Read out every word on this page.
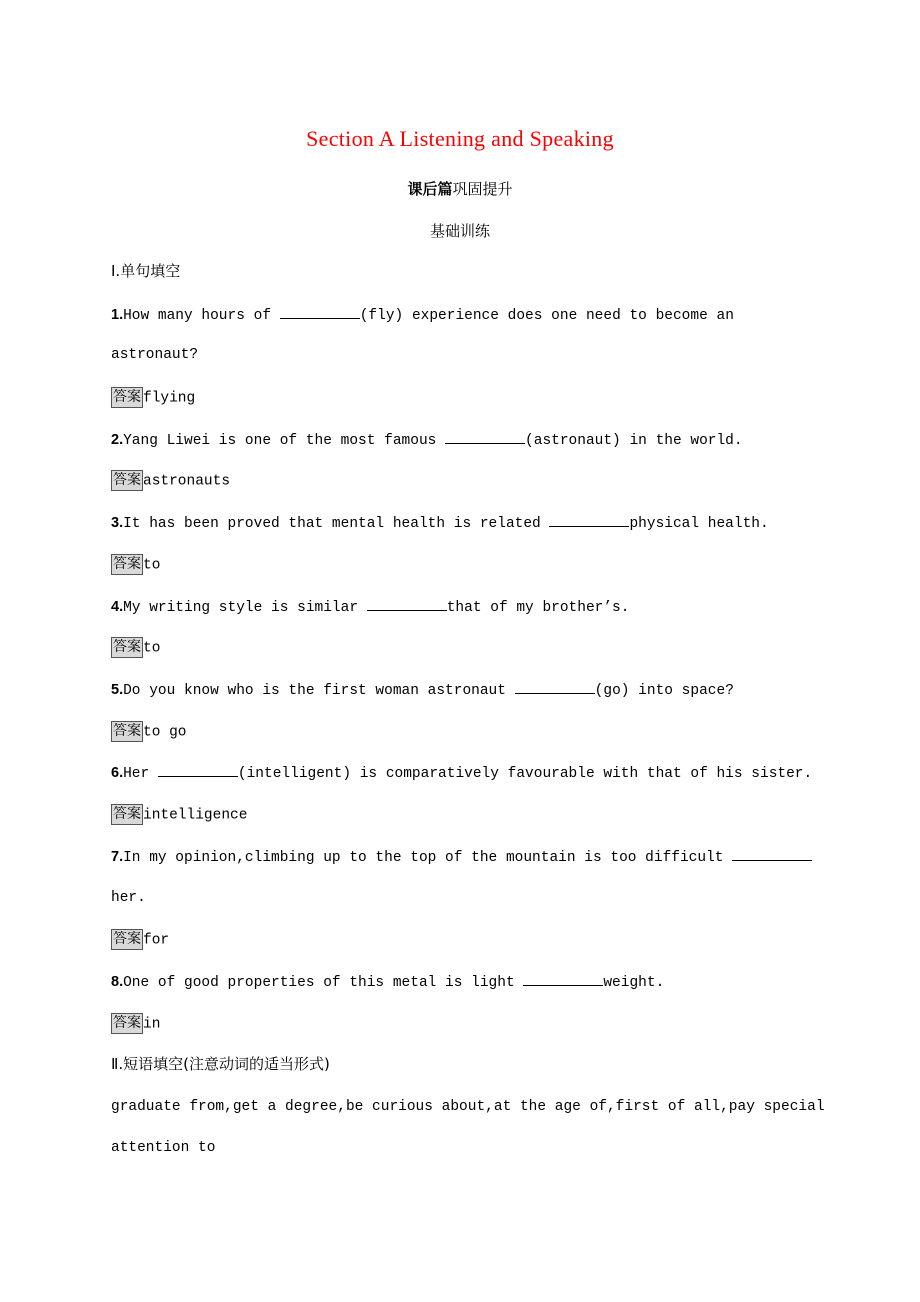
Section A Listening and Speaking
课后篇巩固提升
基础训练
Ⅰ.单句填空
1.How many hours of	(fly) experience does one need to become an
astronaut?
答案 flying
2.Yang Liwei is one of the most famous	(astronaut) in the world.
答案 astronauts
3.It has been proved that mental health is related	physical health.
答案 to
4.My writing style is similar	that of my brother’s.
答案 to
5.Do you know who is the first woman astronaut	(go) into space?
答案 to go
6.Her	(intelligent) is comparatively favourable with that of his sister.
答案 intelligence
7.In my opinion,climbing up to the top of the mountain is too difficult
her.
答案 for
8.One of good properties of this metal is light	weight.
答案 in
Ⅱ.短语填空(注意动词的适当形式)
graduate from,get a degree,be curious about,at the age of,first of all,pay special
attention to
